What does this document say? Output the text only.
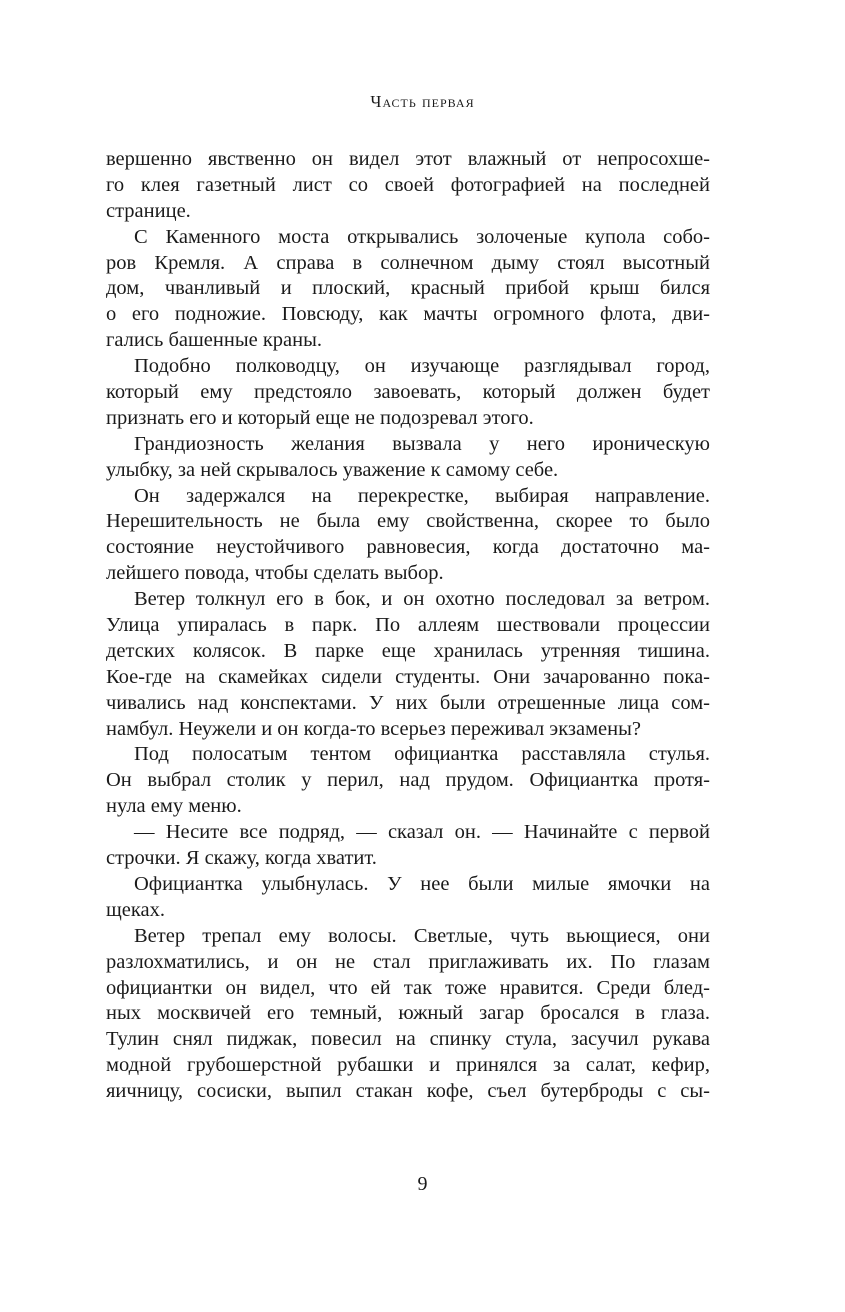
Часть первая
вершенно явственно он видел этот влажный от непросохше-
го клея газетный лист со своей фотографией на последней
странице.
С Каменного моста открывались золоченые купола собо-
ров Кремля. А справа в солнечном дыму стоял высотный
дом, чванливый и плоский, красный прибой крыш бился
о его подножие. Повсюду, как мачты огромного флота, дви-
гались башенные краны.
Подобно полководцу, он изучающе разглядывал город,
который ему предстояло завоевать, который должен будет
признать его и который еще не подозревал этого.
Грандиозность желания вызвала у него ироническую
улыбку, за ней скрывалось уважение к самому себе.
Он задержался на перекрестке, выбирая направление.
Нерешительность не была ему свойственна, скорее то было
состояние неустойчивого равновесия, когда достаточно ма-
лейшего повода, чтобы сделать выбор.
Ветер толкнул его в бок, и он охотно последовал за ветром.
Улица упиралась в парк. По аллеям шествовали процессии
детских колясок. В парке еще хранилась утренняя тишина.
Кое-где на скамейках сидели студенты. Они зачарованно пока-
чивались над конспектами. У них были отрешенные лица сом-
намбул. Неужели и он когда-то всерьез переживал экзамены?
Под полосатым тентом официантка расставляла стулья.
Он выбрал столик у перил, над прудом. Официантка протя-
нула ему меню.
— Несите все подряд, — сказал он. — Начинайте с первой
строчки. Я скажу, когда хватит.
Официантка улыбнулась. У нее были милые ямочки на
щеках.
Ветер трепал ему волосы. Светлые, чуть вьющиеся, они
разлохматились, и он не стал приглаживать их. По глазам
официантки он видел, что ей так тоже нравится. Среди блед-
ных москвичей его темный, южный загар бросался в глаза.
Тулин снял пиджак, повесил на спинку стула, засучил рукава
модной грубошерстной рубашки и принялся за салат, кефир,
яичницу, сосиски, выпил стакан кофе, съел бутерброды с сы-
9
